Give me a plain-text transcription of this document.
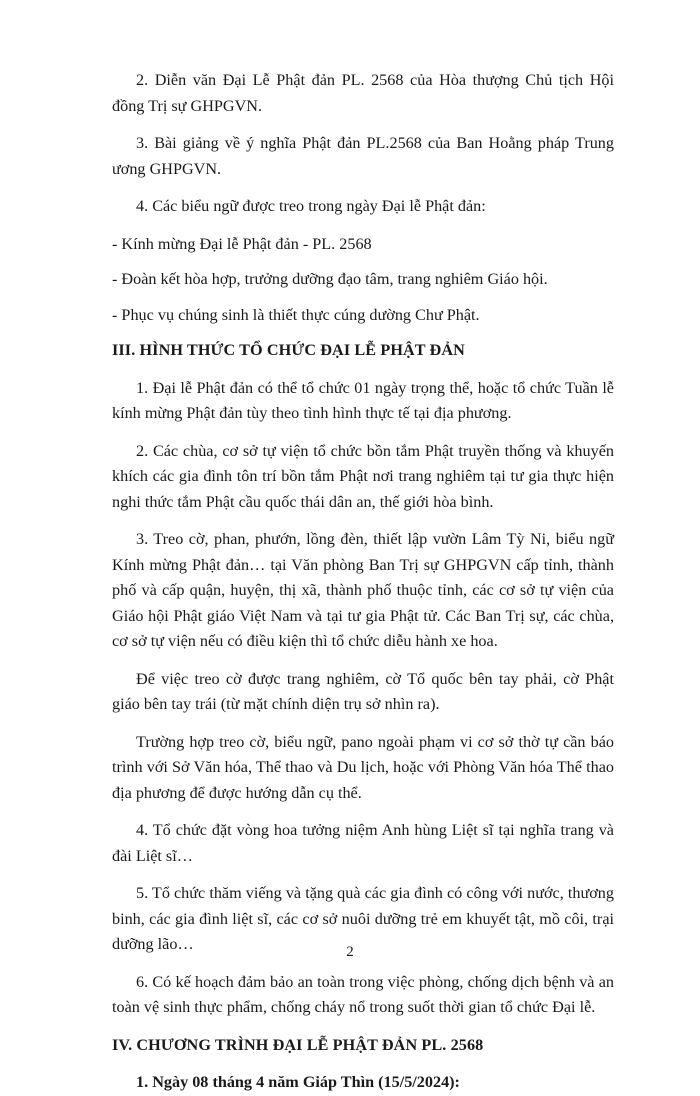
2. Diễn văn Đại Lễ Phật đản PL. 2568 của Hòa thượng Chủ tịch Hội đồng Trị sự GHPGVN.

3. Bài giảng về ý nghĩa Phật đản PL.2568 của Ban Hoằng pháp Trung ương GHPGVN.

4. Các biểu ngữ được treo trong ngày Đại lễ Phật đản:

- Kính mừng Đại lễ Phật đản - PL. 2568

- Đoàn kết hòa hợp, trưởng dưỡng đạo tâm, trang nghiêm Giáo hội.

- Phục vụ chúng sinh là thiết thực cúng dường Chư Phật.

III. HÌNH THỨC TỔ CHỨC ĐẠI LỄ PHẬT ĐẢN

1. Đại lễ Phật đản có thể tổ chức 01 ngày trọng thể, hoặc tổ chức Tuần lễ kính mừng Phật đản tùy theo tình hình thực tế tại địa phương.

2. Các chùa, cơ sở tự viện tổ chức bồn tắm Phật truyền thống và khuyến khích các gia đình tôn trí bồn tắm Phật nơi trang nghiêm tại tư gia thực hiện nghi thức tắm Phật cầu quốc thái dân an, thế giới hòa bình.

3. Treo cờ, phan, phướn, lồng đèn, thiết lập vườn Lâm Tỳ Ni, biểu ngữ Kính mừng Phật đản… tại Văn phòng Ban Trị sự GHPGVN cấp tỉnh, thành phố và cấp quận, huyện, thị xã, thành phố thuộc tỉnh, các cơ sở tự viện của Giáo hội Phật giáo Việt Nam và tại tư gia Phật tử. Các Ban Trị sự, các chùa, cơ sở tự viện nếu có điều kiện thì tổ chức diễu hành xe hoa.

Để việc treo cờ được trang nghiêm, cờ Tổ quốc bên tay phải, cờ Phật giáo bên tay trái (từ mặt chính diện trụ sở nhìn ra).

Trường hợp treo cờ, biểu ngữ, pano ngoài phạm vi cơ sở thờ tự cần báo trình với Sở Văn hóa, Thể thao và Du lịch, hoặc với Phòng Văn hóa Thể thao địa phương để được hướng dẫn cụ thể.

4. Tổ chức đặt vòng hoa tưởng niệm Anh hùng Liệt sĩ tại nghĩa trang và đài Liệt sĩ…

5. Tổ chức thăm viếng và tặng quà các gia đình có công với nước, thương binh, các gia đình liệt sĩ, các cơ sở nuôi dưỡng trẻ em khuyết tật, mồ côi, trại dưỡng lão…

6. Có kế hoạch đảm bảo an toàn trong việc phòng, chống dịch bệnh và an toàn vệ sinh thực phẩm, chống cháy nổ trong suốt thời gian tổ chức Đại lễ.

IV. CHƯƠNG TRÌNH ĐẠI LỄ PHẬT ĐẢN PL. 2568

1. Ngày 08 tháng 4 năm Giáp Thìn (15/5/2024):

2
